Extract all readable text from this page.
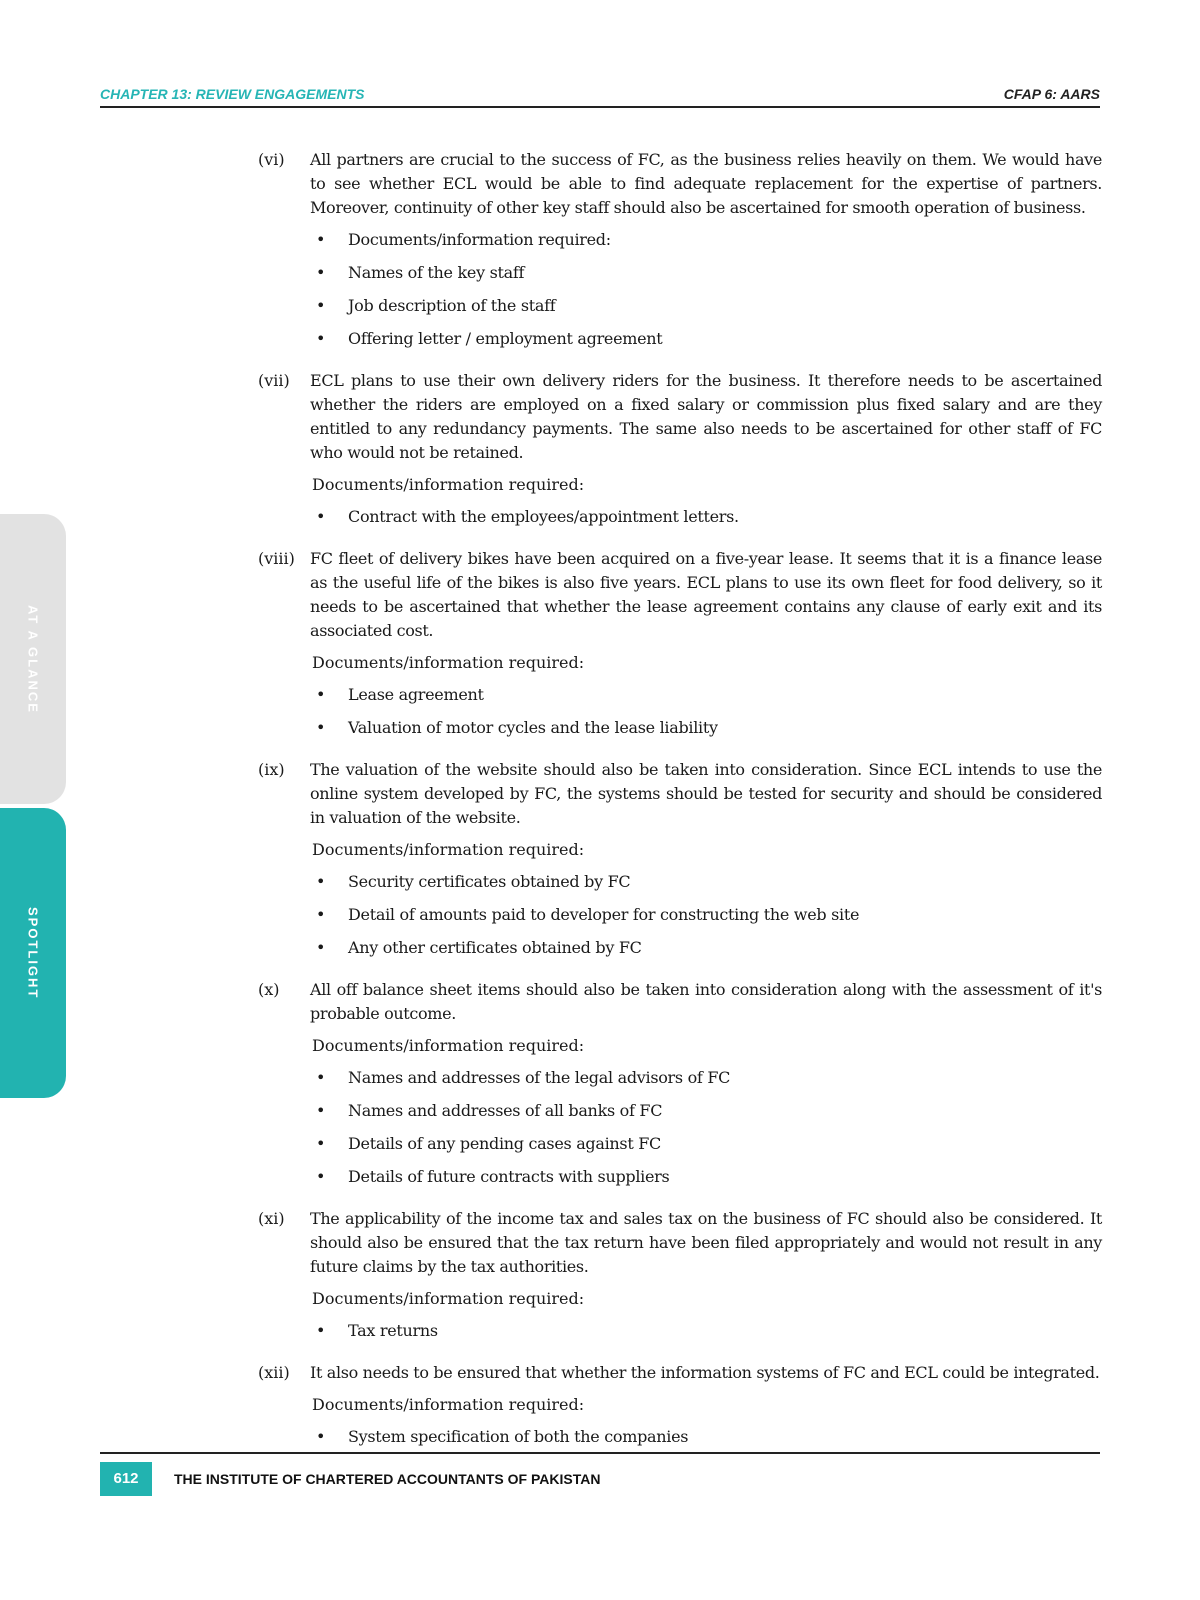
CHAPTER 13: REVIEW ENGAGEMENTS	CFAP 6: AARS
AT A GLANCE
SPOTLIGHT
(vi)	All partners are crucial to the success of FC, as the business relies heavily on them. We would have to see whether ECL would be able to find adequate replacement for the expertise of partners. Moreover, continuity of other key staff should also be ascertained for smooth operation of business.

• Documents/information required:
• Names of the key staff
• Job description of the staff
• Offering letter / employment agreement
(vii)	ECL plans to use their own delivery riders for the business. It therefore needs to be ascertained whether the riders are employed on a fixed salary or commission plus fixed salary and are they entitled to any redundancy payments. The same also needs to be ascertained for other staff of FC who would not be retained.

Documents/information required:
• Contract with the employees/appointment letters.
(viii) FC fleet of delivery bikes have been acquired on a five-year lease. It seems that it is a finance lease as the useful life of the bikes is also five years. ECL plans to use its own fleet for food delivery, so it needs to be ascertained that whether the lease agreement contains any clause of early exit and its associated cost.

Documents/information required:
• Lease agreement
• Valuation of motor cycles and the lease liability
(ix)	The valuation of the website should also be taken into consideration. Since ECL intends to use the online system developed by FC, the systems should be tested for security and should be considered in valuation of the website.

Documents/information required:
• Security certificates obtained by FC
• Detail of amounts paid to developer for constructing the web site
• Any other certificates obtained by FC
(x)	All off balance sheet items should also be taken into consideration along with the assessment of it's probable outcome.

Documents/information required:
• Names and addresses of the legal advisors of FC
• Names and addresses of all banks of FC
• Details of any pending cases against FC
• Details of future contracts with suppliers
(xi)	The applicability of the income tax and sales tax on the business of FC should also be considered. It should also be ensured that the tax return have been filed appropriately and would not result in any future claims by the tax authorities.

Documents/information required:
• Tax returns
(xii)	It also needs to be ensured that whether the information systems of FC and ECL could be integrated.

Documents/information required:
• System specification of both the companies
612	THE INSTITUTE OF CHARTERED ACCOUNTANTS OF PAKISTAN
